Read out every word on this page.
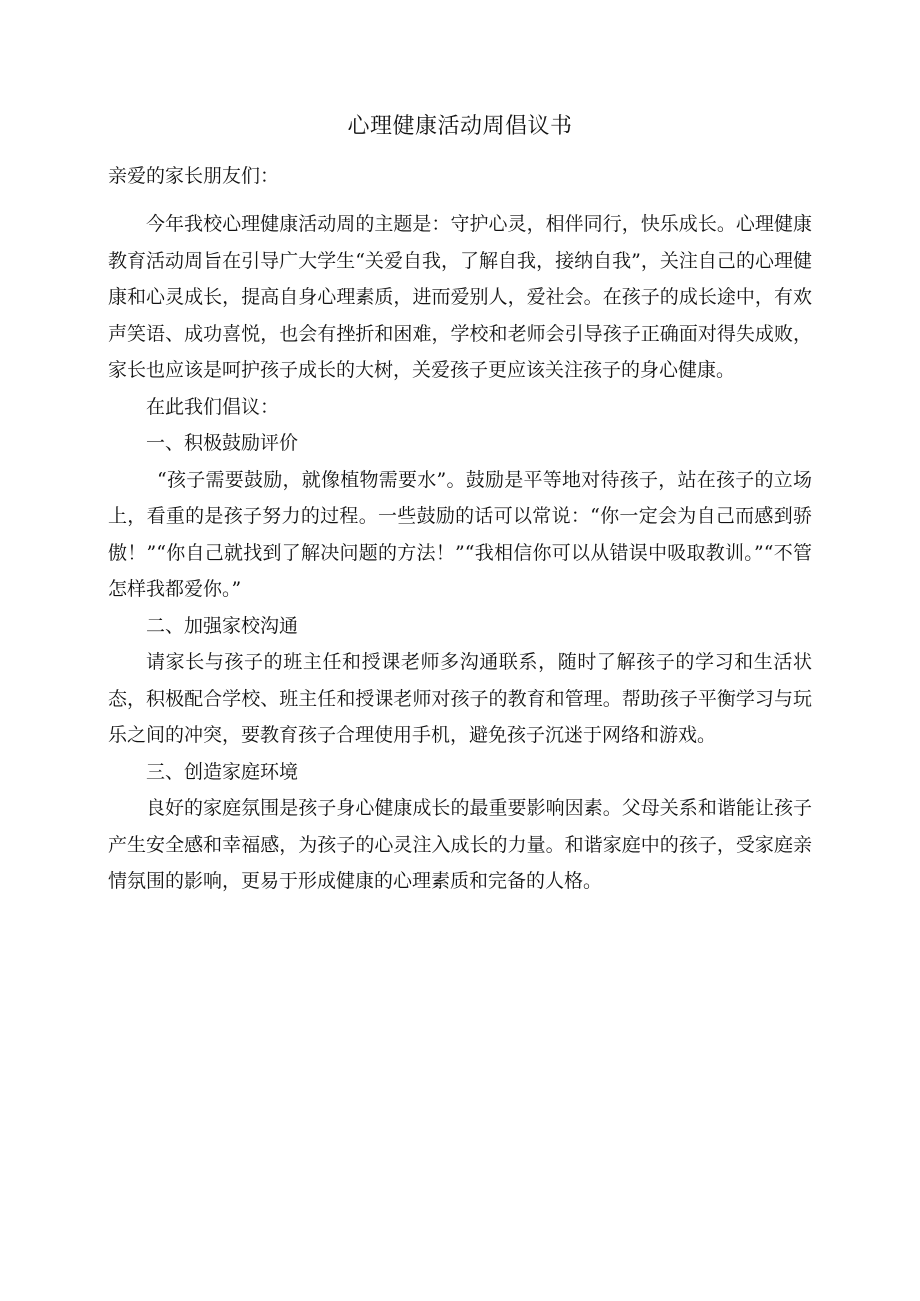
心理健康活动周倡议书
亲爱的家长朋友们：

今年我校心理健康活动周的主题是：守护心灵，相伴同行，快乐成长。心理健康教育活动周旨在引导广大学生“关爱自我，了解自我，接纳自我”，关注自己的心理健康和心灵成长，提高自身心理素质，进而爱别人，爱社会。在孩子的成长途中，有欢声笑语、成功喜悦，也会有挫折和困难，学校和老师会引导孩子正确面对得失成败，家长也应该是呵护孩子成长的大树，关爱孩子更应该关注孩子的身心健康。

在此我们倡议：

一、积极鼓励评价

“孩子需要鼓励，就像植物需要水”。鼓励是平等地对待孩子，站在孩子的立场上，看重的是孩子努力的过程。一些鼓励的话可以常说：“你一定会为自己而感到骄傲！”“你自己就找到了解决问题的方法！”“我相信你可以从错误中吸取教训。”“不管怎样我都爱你。”

二、加强家校沟通

请家长与孩子的班主任和授课老师多沟通联系，随时了解孩子的学习和生活状态，积极配合学校、班主任和授课老师对孩子的教育和管理。帮助孩子平衡学习与玩乐之间的冲突，要教育孩子合理使用手机，避免孩子沉迷于网络和游戏。

三、创造家庭环境

良好的家庭氛围是孩子身心健康成长的最重要影响因素。父母关系和谐能让孩子产生安全感和幸福感，为孩子的心灵注入成长的力量。和谐家庭中的孩子，受家庭亲情氛围的影响，更易于形成健康的心理素质和完备的人格。
